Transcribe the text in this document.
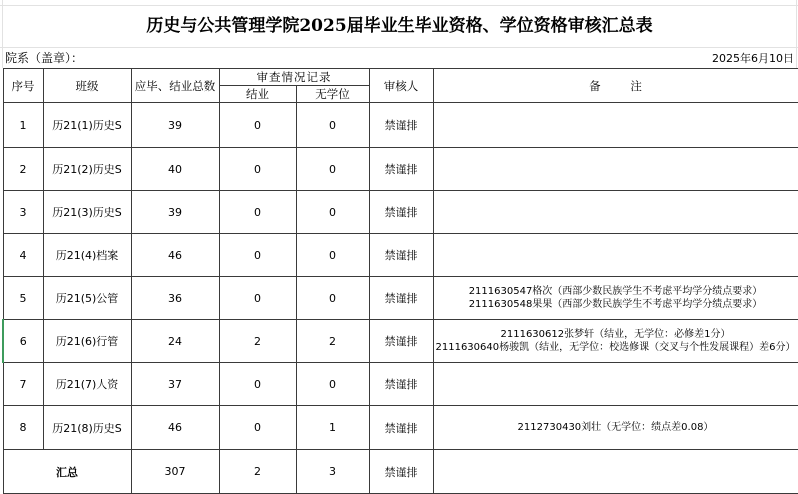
历史与公共管理学院2025届毕业生毕业资格、学位资格审核汇总表
院系（盖章）：	2025年6月10日
序号	班级	应毕、结业总数	审查情况记录		审核人	备 注
			结业	无学位		
1	历21(1)历史S	39	0	0	禁谨排	
2	历21(2)历史S	40	0	0	禁谨排	
3	历21(3)历史S	39	0	0	禁谨排	
4	历21(4)档案	46	0	0	禁谨排	
5	历21(5)公管	36	0	0	禁谨排	2111630547格次（西部少数民族学生不考虑平均学分绩点要求）
2111630548果果（西部少数民族学生不考虑平均学分绩点要求）

6	历21(6)行管	24	2	2	禁谨排	2111630612张梦轩（结业，无学位：必修差1分）
2111630640杨骏凯（结业，无学位：校选修课（交叉与个性发展课程）差6分）

7	历21(7)人资	37	0	0	禁谨排	
8	历21(8)历史S	46	0	1	禁谨排	2112730430刘壮（无学位：绩点差0.08）

汇总		307	2	3	禁谨排	
